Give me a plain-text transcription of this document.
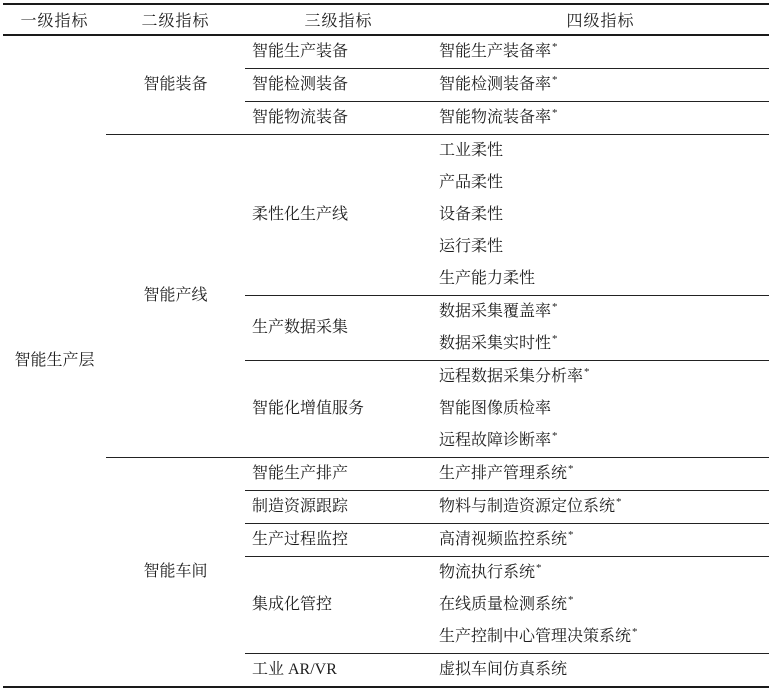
一级指标	二级指标	三级指标	四级指标
智能生产层	智能装备	智能生产装备	智能生产装备率*
		智能检测装备	智能检测装备率*
		智能物流装备	智能物流装备率*
	智能产线	柔性化生产线	工业柔性
			产品柔性
			设备柔性
			运行柔性
			生产能力柔性
		生产数据采集	数据采集覆盖率*
			数据采集实时性*
		智能化增值服务	远程数据采集分析率*
			智能图像质检率
			远程故障诊断率*
	智能车间	智能生产排产	生产排产管理系统*
		制造资源跟踪	物料与制造资源定位系统*
		生产过程监控	高清视频监控系统*
		集成化管控	物流执行系统*
			在线质量检测系统*
			生产控制中心管理决策系统*
		工业 AR/VR	虚拟车间仿真系统
